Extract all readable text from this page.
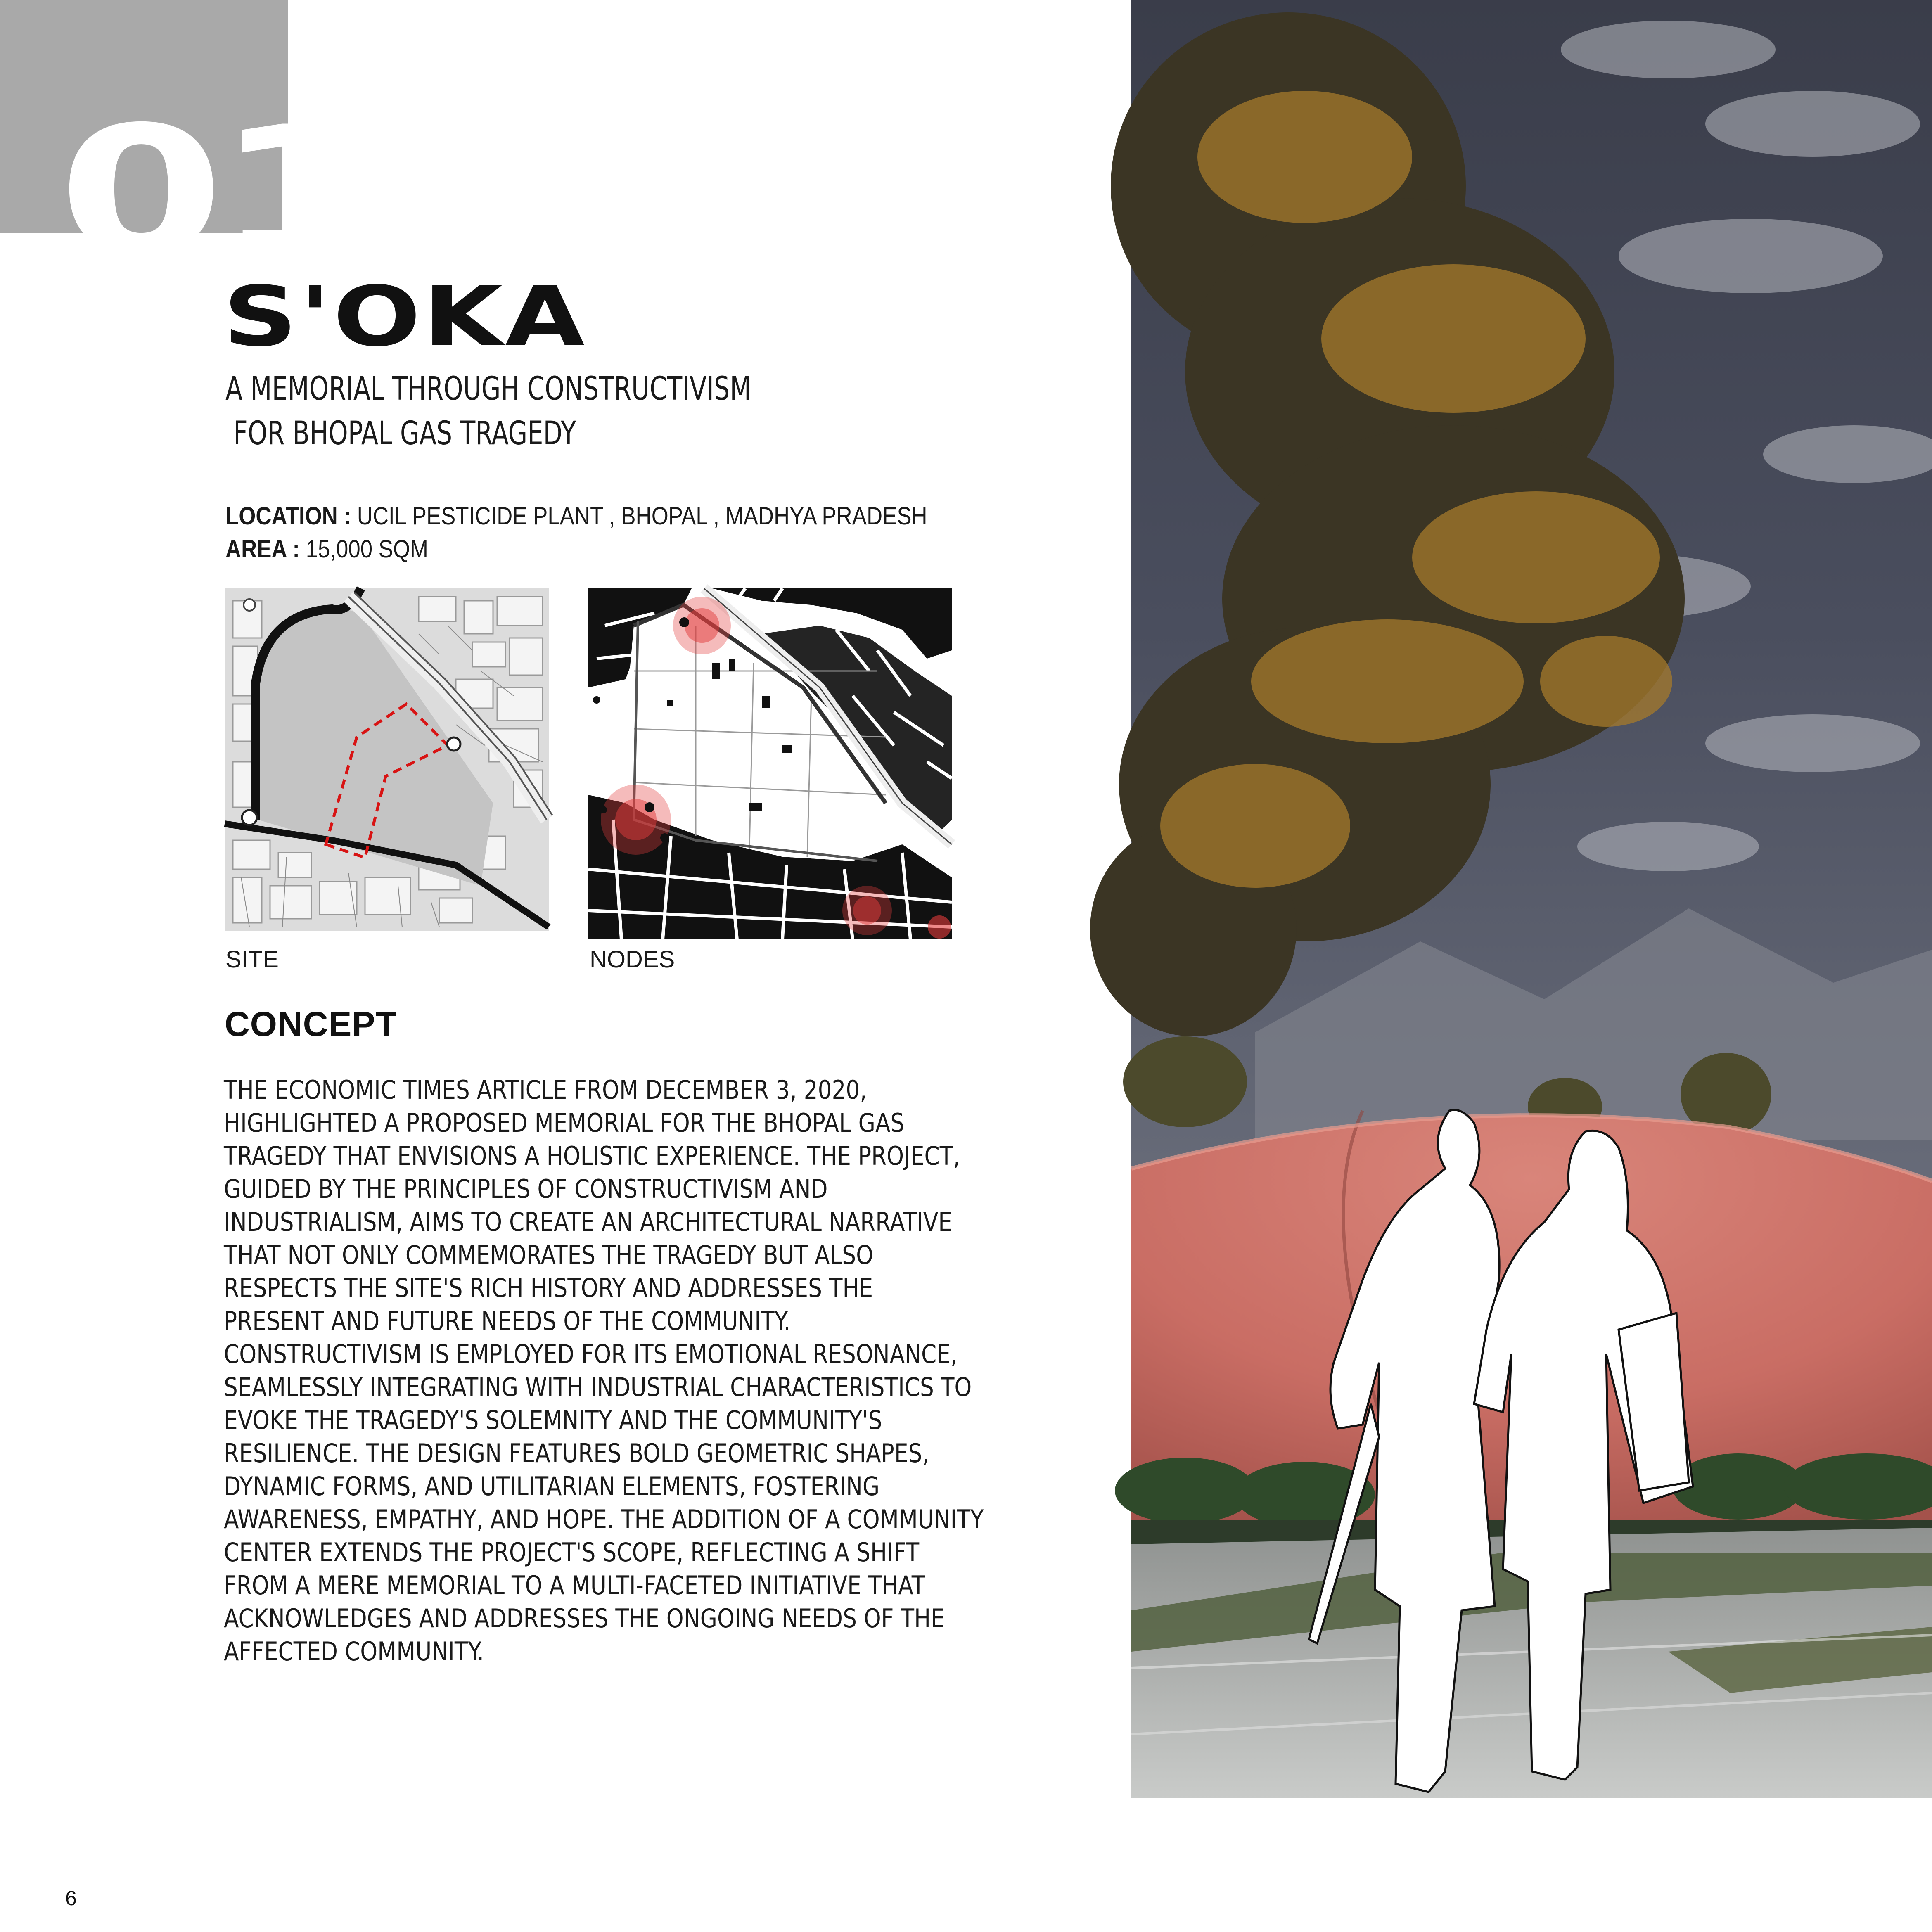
01
S'OKA
A MEMORIAL THROUGH CONSTRUCTIVISM
FOR BHOPAL GAS TRAGEDY
LOCATION : UCIL PESTICIDE PLANT , BHOPAL , MADHYA PRADESH
AREA : 15,000 SQM
SITE	NODES
CONCEPT
THE ECONOMIC TIMES ARTICLE FROM DECEMBER 3, 2020,
HIGHLIGHTED A PROPOSED MEMORIAL FOR THE BHOPAL GAS
TRAGEDY THAT ENVISIONS A HOLISTIC EXPERIENCE. THE PROJECT,
GUIDED BY THE PRINCIPLES OF CONSTRUCTIVISM AND
INDUSTRIALISM, AIMS TO CREATE AN ARCHITECTURAL NARRATIVE
THAT NOT ONLY COMMEMORATES THE TRAGEDY BUT ALSO
RESPECTS THE SITE'S RICH HISTORY AND ADDRESSES THE
PRESENT AND FUTURE NEEDS OF THE COMMUNITY.
CONSTRUCTIVISM IS EMPLOYED FOR ITS EMOTIONAL RESONANCE,
SEAMLESSLY INTEGRATING WITH INDUSTRIAL CHARACTERISTICS TO
EVOKE THE TRAGEDY'S SOLEMNITY AND THE COMMUNITY'S
RESILIENCE. THE DESIGN FEATURES BOLD GEOMETRIC SHAPES,
DYNAMIC FORMS, AND UTILITARIAN ELEMENTS, FOSTERING
AWARENESS, EMPATHY, AND HOPE. THE ADDITION OF A COMMUNITY
CENTER EXTENDS THE PROJECT'S SCOPE, REFLECTING A SHIFT
FROM A MERE MEMORIAL TO A MULTI-FACETED INITIATIVE THAT
ACKNOWLEDGES AND ADDRESSES THE ONGOING NEEDS OF THE
AFFECTED COMMUNITY.
6
